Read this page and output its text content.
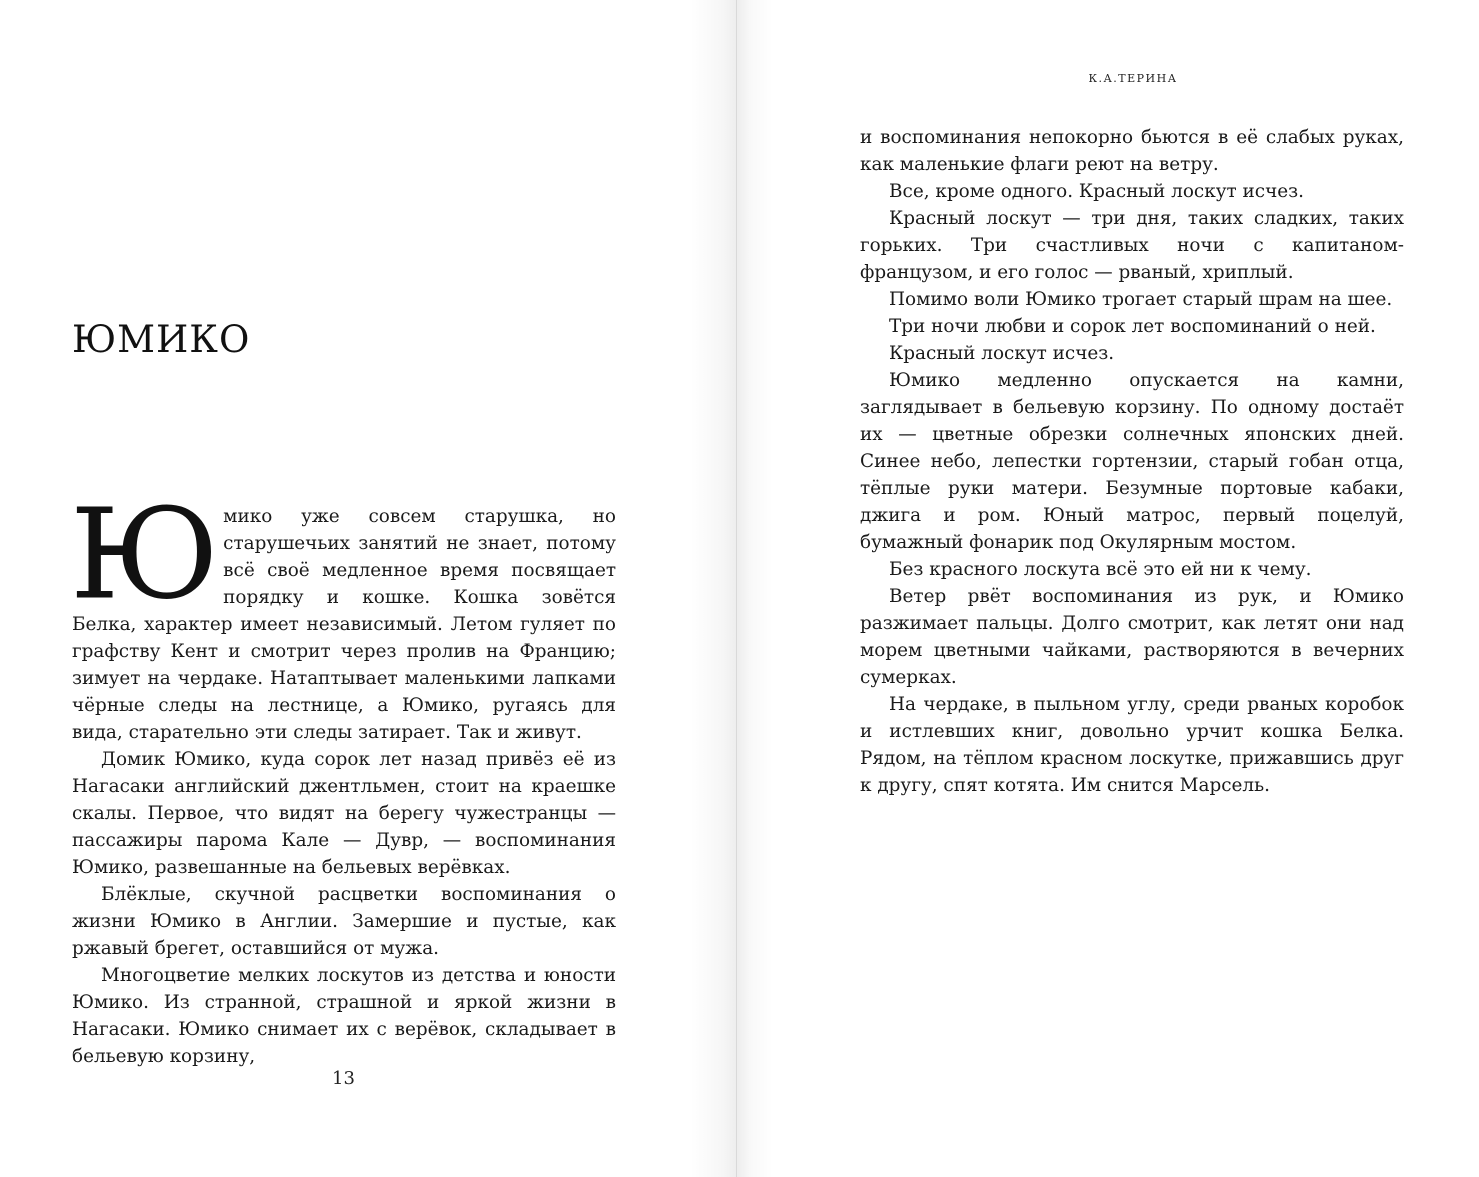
ЮМИКО

Юмико уже совсем старушка, но старушечьих занятий не знает, потому всё своё медленное время посвящает порядку и кошке. Кошка зовётся Белка, характер имеет независимый. Летом гуляет по графству Кент и смотрит через пролив на Францию; зимует на чердаке. Натаптывает маленькими лапками чёрные следы на лестнице, а Юмико, ругаясь для вида, старательно эти следы затирает. Так и живут.

Домик Юмико, куда сорок лет назад привёз её из Нагасаки английский джентльмен, стоит на краешке скалы. Первое, что видят на берегу чужестранцы — пассажиры парома Кале — Дувр, — воспоминания Юмико, развешанные на бельевых верёвках.

Блёклые, скучной расцветки воспоминания о жизни Юмико в Англии. Замершие и пустые, как ржавый брегет, оставшийся от мужа.

Многоцветие мелких лоскутов из детства и юности Юмико. Из странной, страшной и яркой жизни в Нагасаки. Юмико снимает их с верёвок, складывает в бельевую корзину,

13
К.А.ТЕРИНА

и воспоминания непокорно бьются в её слабых руках, как маленькие флаги реют на ветру.

Все, кроме одного. Красный лоскут исчез.

Красный лоскут — три дня, таких сладких, таких горьких. Три счастливых ночи с капитаном-французом, и его голос — рваный, хриплый.

Помимо воли Юмико трогает старый шрам на шее.

Три ночи любви и сорок лет воспоминаний о ней.

Красный лоскут исчез.

Юмико медленно опускается на камни, заглядывает в бельевую корзину. По одному достаёт их — цветные обрезки солнечных японских дней. Синее небо, лепестки гортензии, старый гобан отца, тёплые руки матери. Безумные портовые кабаки, джига и ром. Юный матрос, первый поцелуй, бумажный фонарик под Окулярным мостом.

Без красного лоскута всё это ей ни к чему.

Ветер рвёт воспоминания из рук, и Юмико разжимает пальцы. Долго смотрит, как летят они над морем цветными чайками, растворяются в вечерних сумерках.

На чердаке, в пыльном углу, среди рваных коробок и истлевших книг, довольно урчит кошка Белка. Рядом, на тёплом красном лоскутке, прижавшись друг к другу, спят котята. Им снится Марсель.
